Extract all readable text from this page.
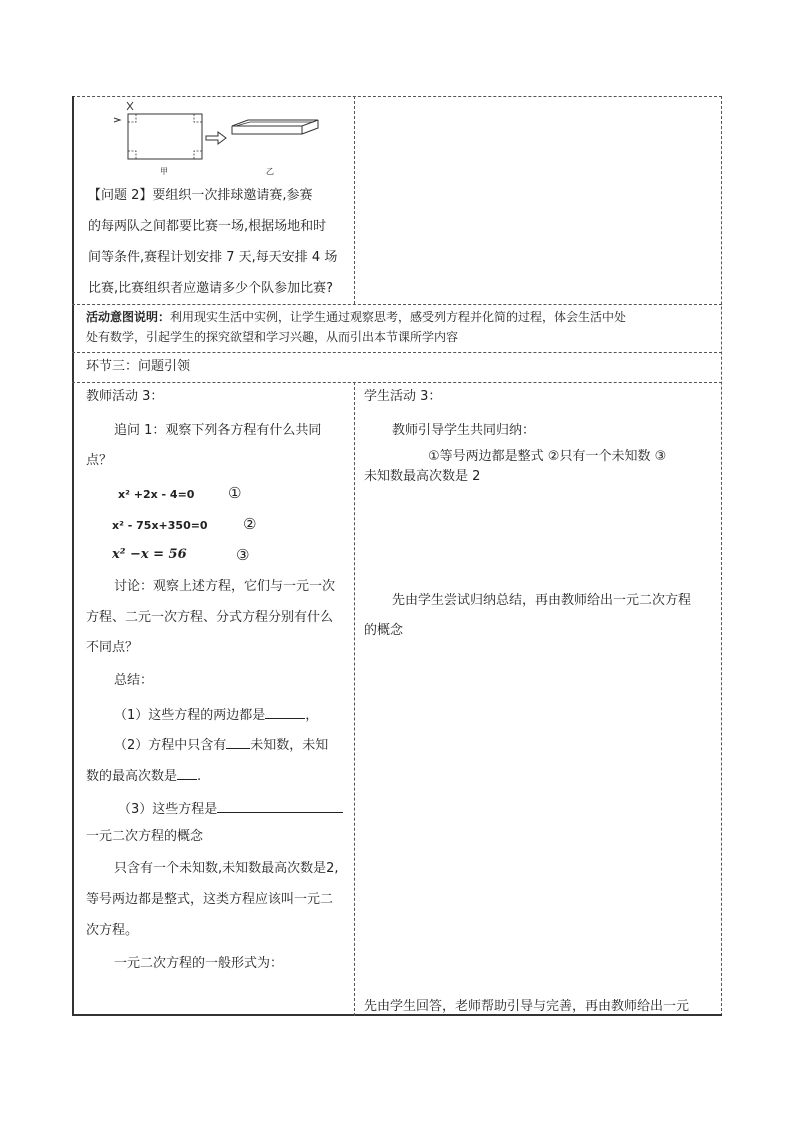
甲	乙
【问题 2】要组织一次排球邀请赛,参赛
的每两队之间都要比赛一场,根据场地和时
间等条件,赛程计划安排 7 天,每天安排 4 场
比赛,比赛组织者应邀请多少个队参加比赛?
活动意图说明：利用现实生活中实例，让学生通过观察思考，感受列方程并化简的过程，体会生活中处
处有数学，引起学生的探究欲望和学习兴趣，从而引出本节课所学内容
环节三：问题引领
教师活动 3：
追问 1：观察下列各方程有什么共同
点？
x² +2x - 4=0 ①
x² - 75x+350=0 ②
x² −x = 56	③
讨论：观察上述方程，它们与一元一次
方程、二元一次方程、分式方程分别有什么
不同点？
总结：
（1）这些方程的两边都是	，
（2）方程中只含有 未知数，未知
数的最高次数是 .
（3）这些方程是
一元二次方程的概念
只含有一个未知数,未知数最高次数是2,
等号两边都是整式，这类方程应该叫一元二
次方程。
一元二次方程的一般形式为：
学生活动 3：
教师引导学生共同归纳：
①等号两边都是整式 ②只有一个未知数 ③
未知数最高次数是 2
先由学生尝试归纳总结，再由教师给出一元二次方程
的概念
先由学生回答，老师帮助引导与完善，再由教师给出一元
